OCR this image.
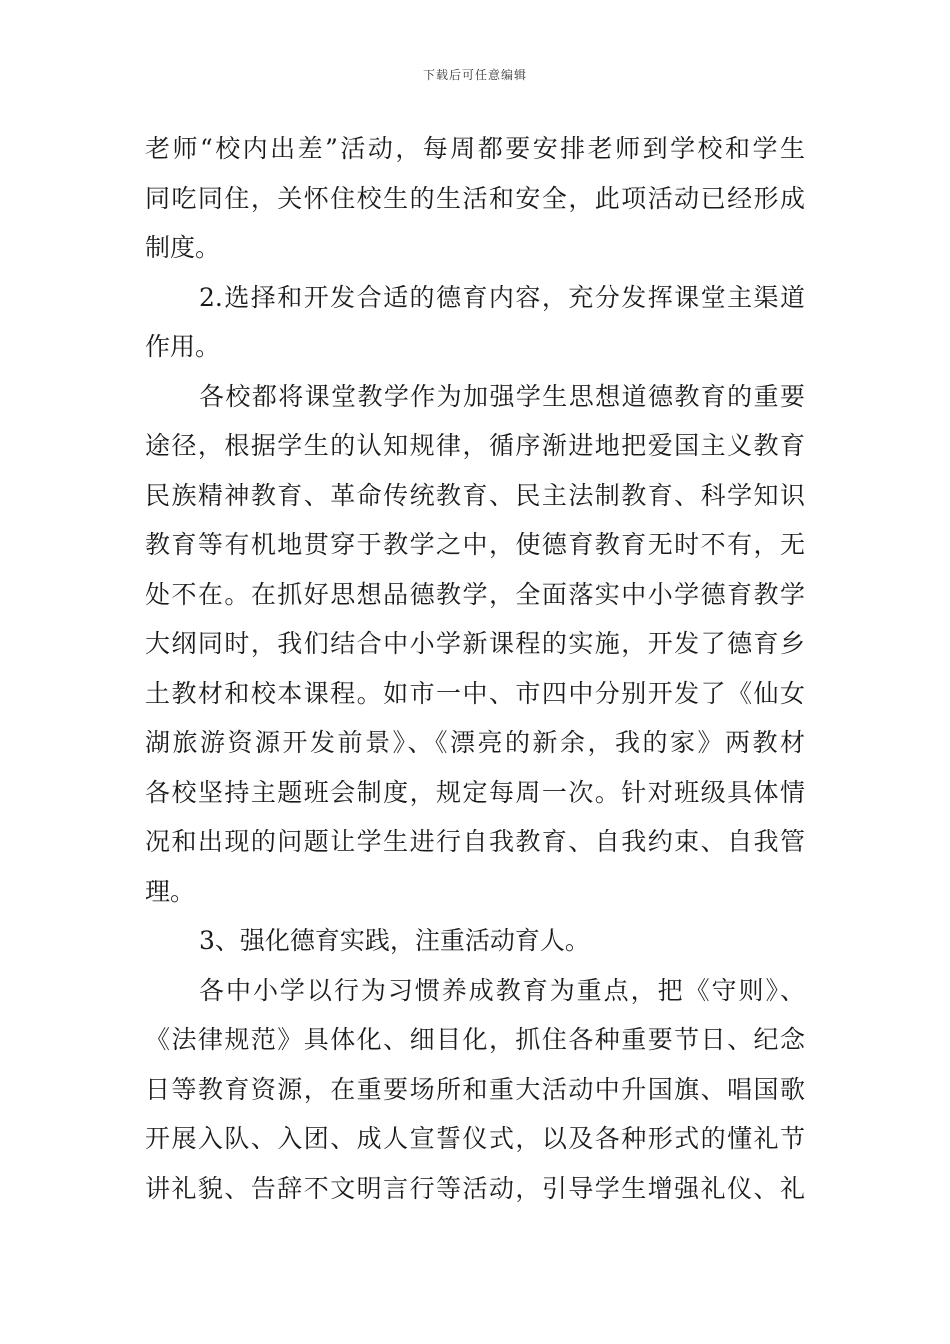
下载后可任意编辑
老师“校内出差”活动，每周都要安排老师到学校和学生
同吃同住，关怀住校生的生活和安全，此项活动已经形成
制度。
2.选择和开发合适的德育内容，充分发挥课堂主渠道
作用。
各校都将课堂教学作为加强学生思想道德教育的重要
途径，根据学生的认知规律，循序渐进地把爱国主义教育
民族精神教育、革命传统教育、民主法制教育、科学知识
教育等有机地贯穿于教学之中，使德育教育无时不有，无
处不在。在抓好思想品德教学，全面落实中小学德育教学
大纲同时，我们结合中小学新课程的实施，开发了德育乡
土教材和校本课程。如市一中、市四中分别开发了《仙女
湖旅游资源开发前景》、《漂亮的新余，我的家》两教材
各校坚持主题班会制度，规定每周一次。针对班级具体情
况和出现的问题让学生进行自我教育、自我约束、自我管
理。
3、强化德育实践，注重活动育人。
各中小学以行为习惯养成教育为重点，把《守则》、
《法律规范》具体化、细目化，抓住各种重要节日、纪念
日等教育资源，在重要场所和重大活动中升国旗、唱国歌
开展入队、入团、成人宣誓仪式，以及各种形式的懂礼节
讲礼貌、告辞不文明言行等活动，引导学生增强礼仪、礼
